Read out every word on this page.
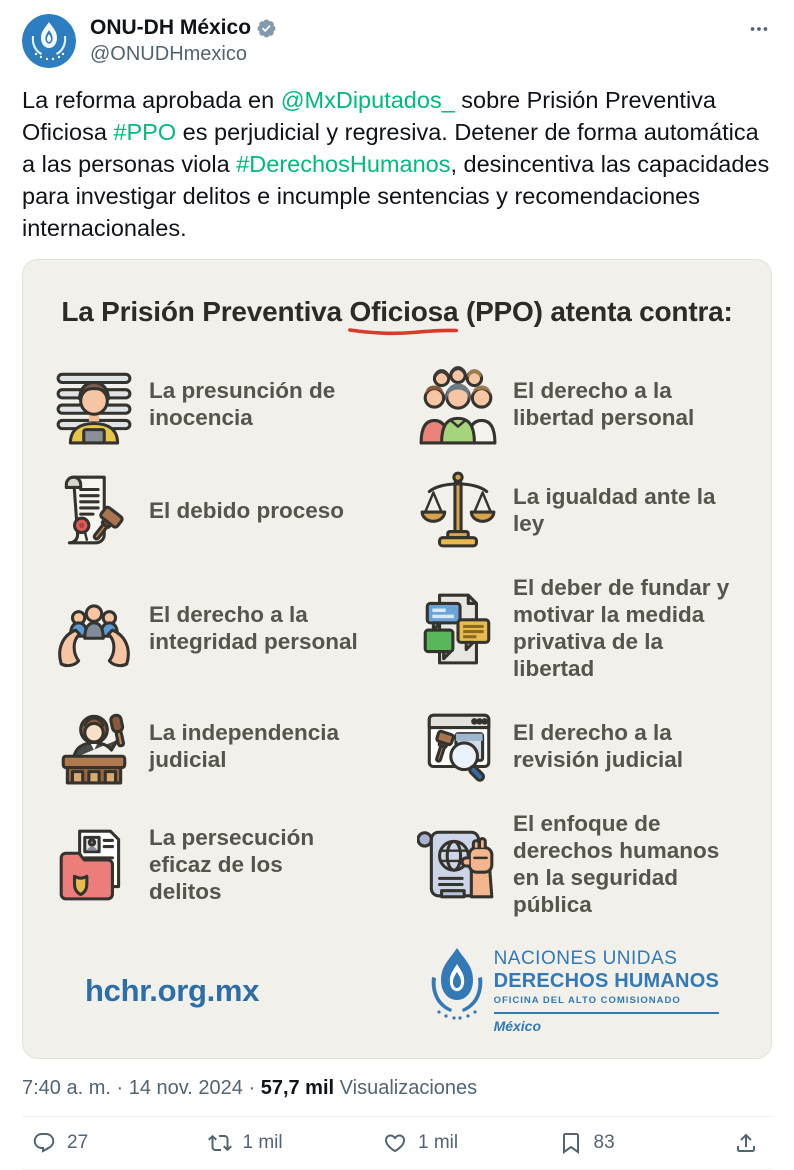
ONU-DH México
@ONUDHmexico
La reforma aprobada en @MxDiputados_ sobre Prisión Preventiva Oficiosa #PPO es perjudicial y regresiva. Detener de forma automática a las personas viola #DerechosHumanos, desincentiva las capacidades para investigar delitos e incumple sentencias y recomendaciones internacionales.
La Prisión Preventiva Oficiosa
(PPO) atenta contra:
La presunción de inocencia
El derecho a la libertad personal
El debido proceso
La igualdad ante la ley
El derecho a la integridad personal
El deber de fundar y motivar la medida privativa de la libertad
La independencia judicial
El derecho a la revisión judicial
La persecución eficaz de los delitos
El enfoque de derechos humanos en la seguridad pública
hchr.org.mx
NACIONES UNIDAS
DERECHOS HUMANOS
OFICINA DEL ALTO COMISIONADO
México
7:40 a. m. · 14 nov. 2024 · 57,7 mil Visualizaciones
27	1 mil	1 mil	83
